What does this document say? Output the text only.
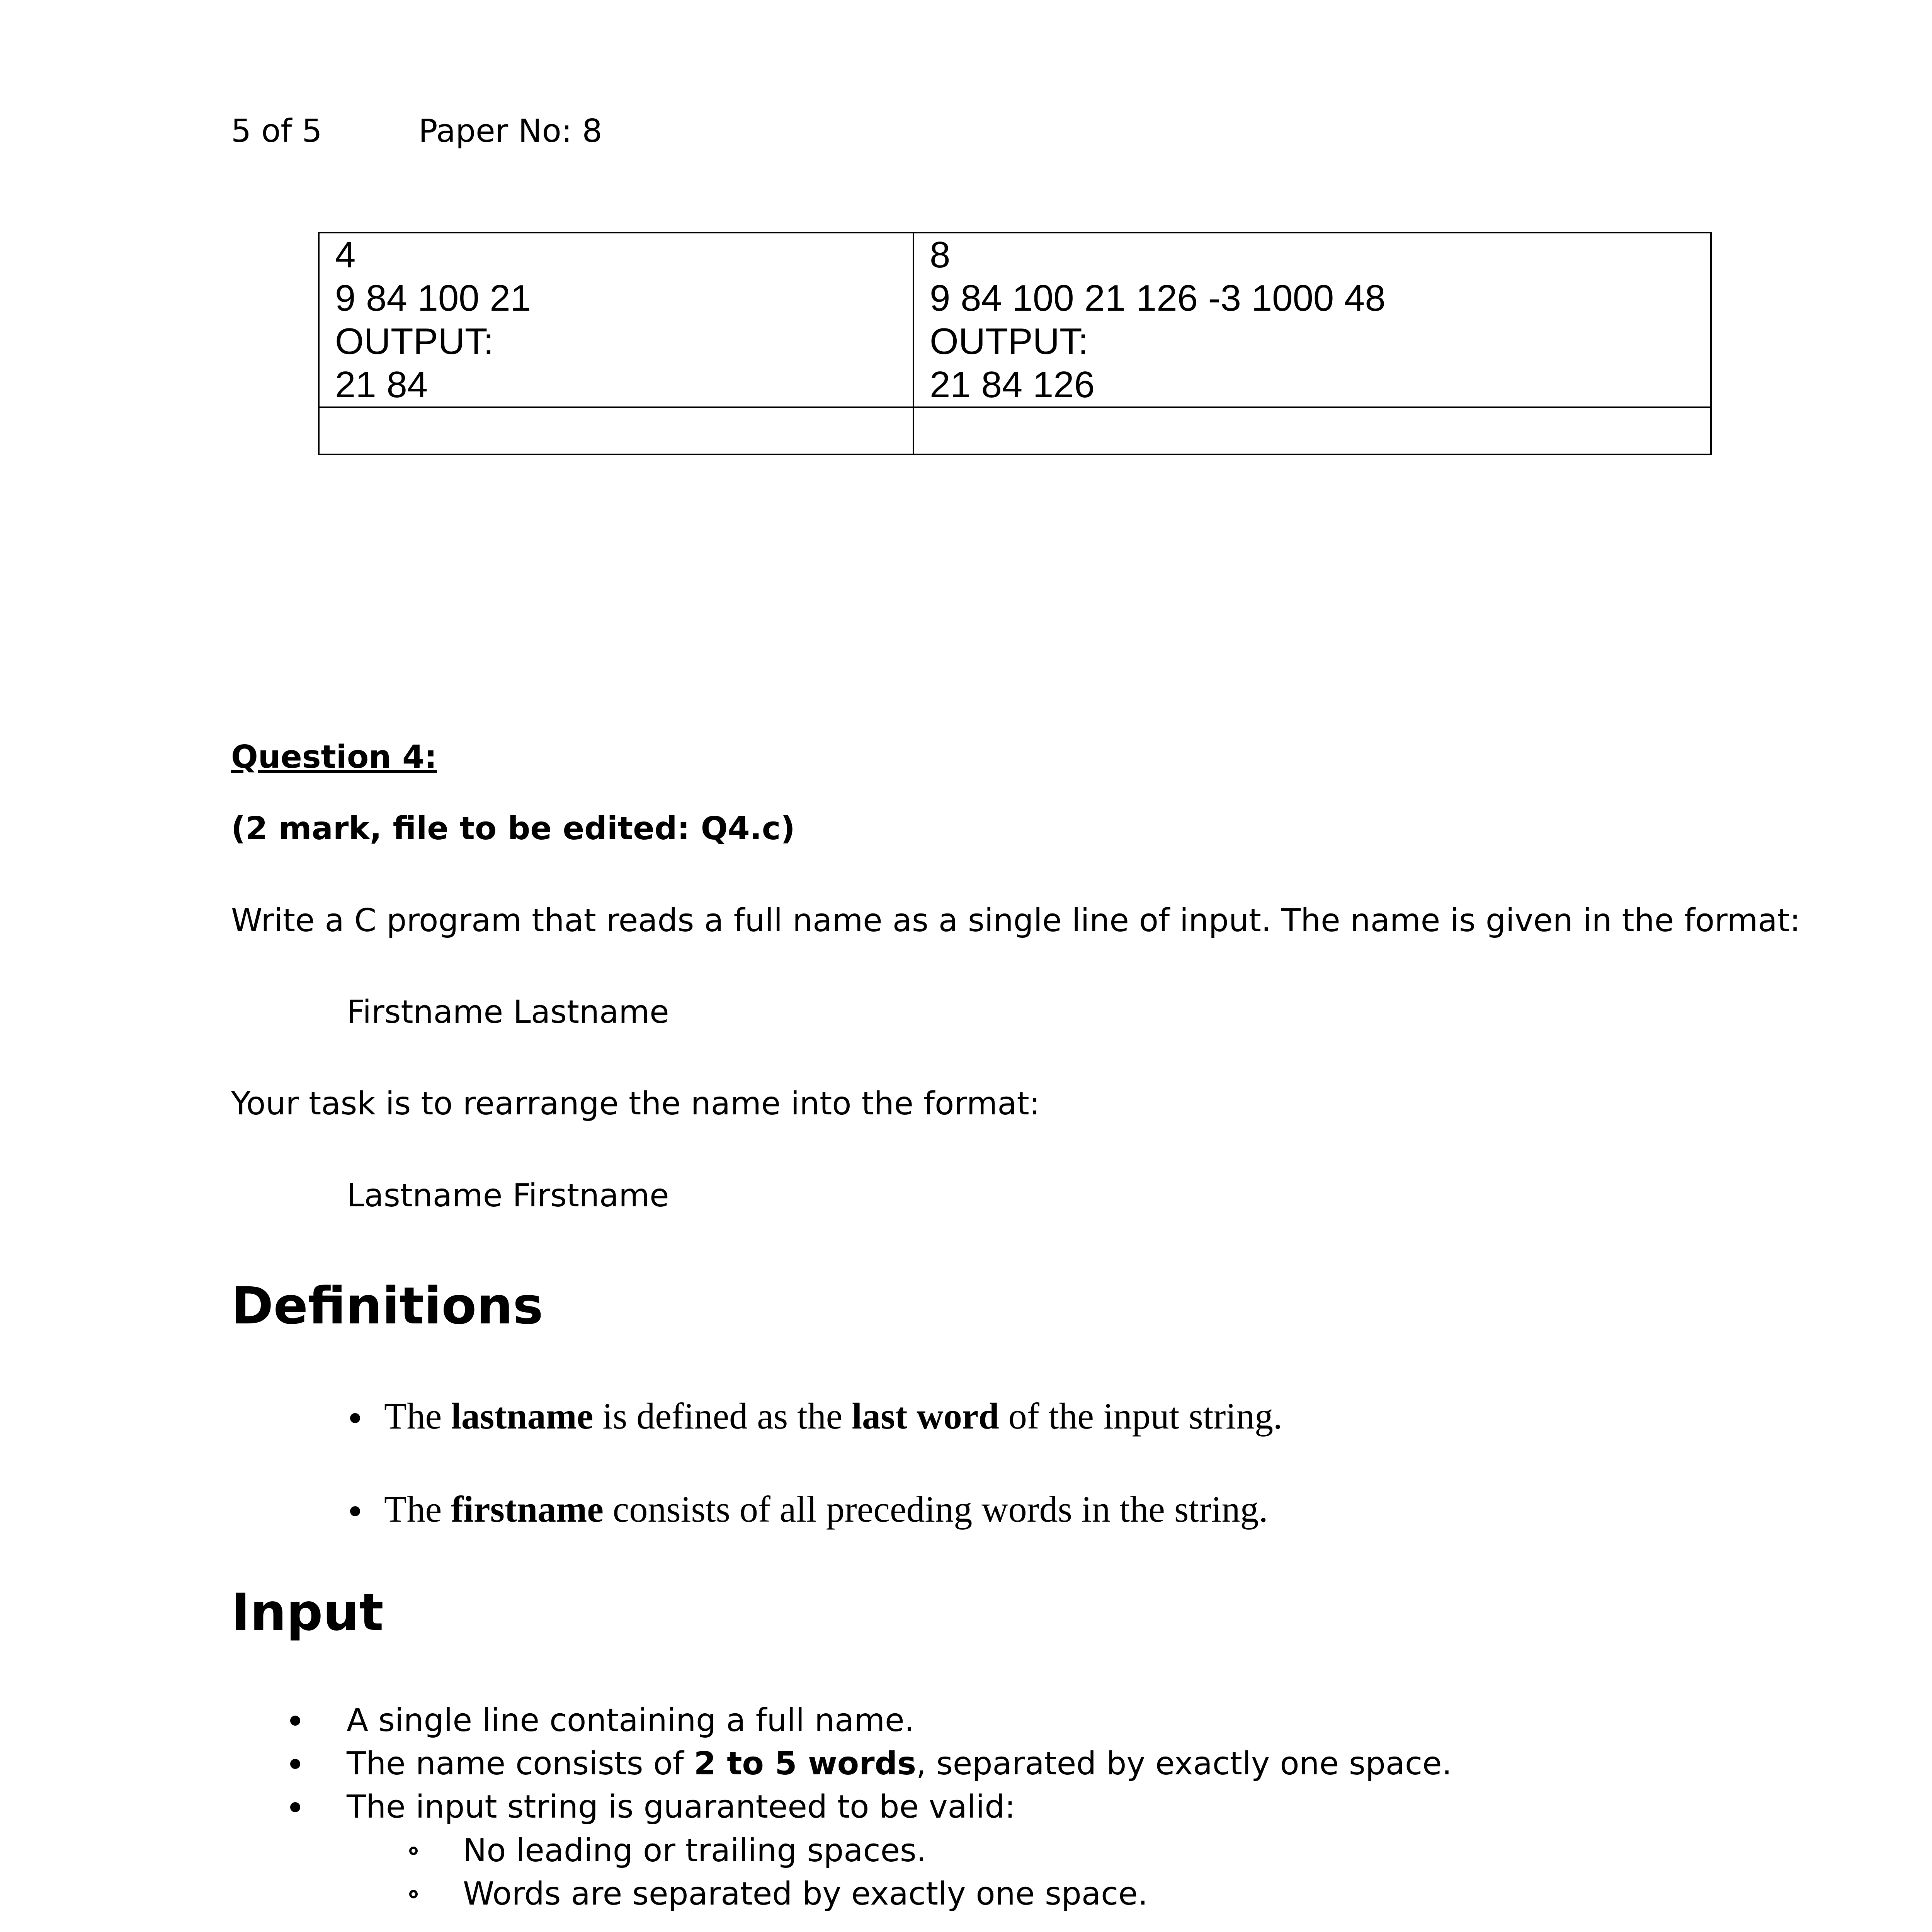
5 of 5	Paper No: 8
4
9 84 100 21
OUTPUT:
21 84	8
9 84 100 21 126 -3 1000 48
OUTPUT:
21 84 126

Question 4:
(2 mark, file to be edited: Q4.c)
Write a C program that reads a full name as a single line of input. The name is given in the format:
Firstname Lastname
Your task is to rearrange the name into the format:
Lastname Firstname
Definitions
The lastname is defined as the last word of the input string.
The firstname consists of all preceding words in the string.
Input
A single line containing a full name.
The name consists of 2 to 5 words, separated by exactly one space.
The input string is guaranteed to be valid:
No leading or trailing spaces.
Words are separated by exactly one space.
